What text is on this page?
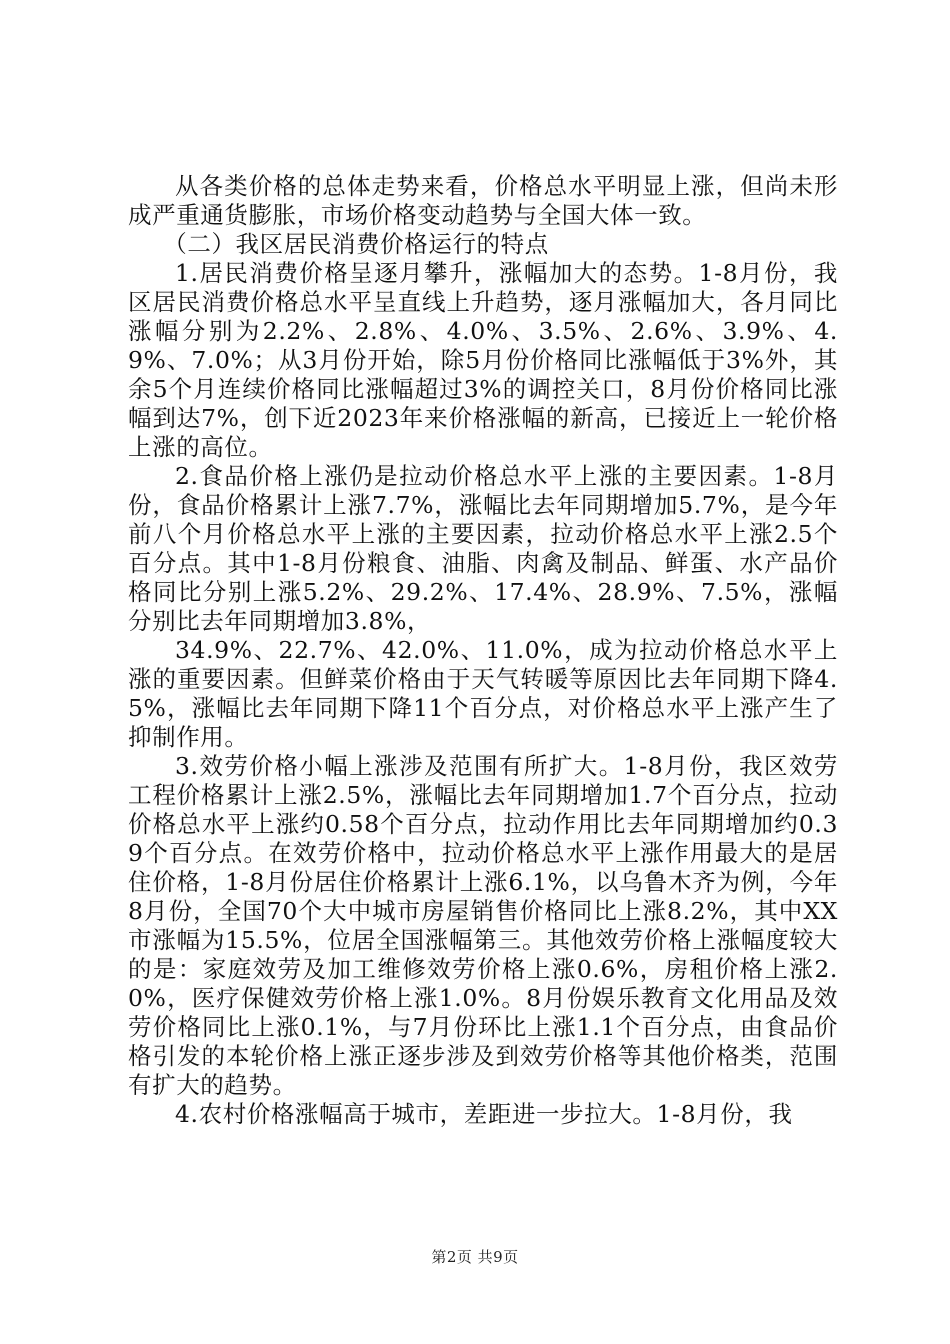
从各类价格的总体走势来看，价格总水平明显上涨，但尚未形成严重通货膨胀，市场价格变动趋势与全国大体一致。

（二）我区居民消费价格运行的特点

1.居民消费价格呈逐月攀升，涨幅加大的态势。1-8月份，我区居民消费价格总水平呈直线上升趋势，逐月涨幅加大，各月同比涨幅分别为2.2%、2.8%、4.0%、3.5%、2.6%、3.9%、4.9%、7.0%；从3月份开始，除5月份价格同比涨幅低于3%外，其余5个月连续价格同比涨幅超过3%的调控关口，8月份价格同比涨幅到达7%，创下近2023年来价格涨幅的新高，已接近上一轮价格上涨的高位。

2.食品价格上涨仍是拉动价格总水平上涨的主要因素。1-8月份，食品价格累计上涨7.7%，涨幅比去年同期增加5.7%，是今年前八个月价格总水平上涨的主要因素，拉动价格总水平上涨2.5个百分点。其中1-8月份粮食、油脂、肉禽及制品、鲜蛋、水产品价格同比分别上涨5.2%、29.2%、17.4%、28.9%、7.5%，涨幅分别比去年同期增加3.8%，

34.9%、22.7%、42.0%、11.0%，成为拉动价格总水平上涨的重要因素。但鲜菜价格由于天气转暖等原因比去年同期下降4.5%，涨幅比去年同期下降11个百分点，对价格总水平上涨产生了抑制作用。

3.效劳价格小幅上涨涉及范围有所扩大。1-8月份，我区效劳工程价格累计上涨2.5%，涨幅比去年同期增加1.7个百分点，拉动价格总水平上涨约0.58个百分点，拉动作用比去年同期增加约0.39个百分点。在效劳价格中，拉动价格总水平上涨作用最大的是居住价格，1-8月份居住价格累计上涨6.1%，以乌鲁木齐为例，今年8月份，全国70个大中城市房屋销售价格同比上涨8.2%，其中XX市涨幅为15.5%，位居全国涨幅第三。其他效劳价格上涨幅度较大的是：家庭效劳及加工维修效劳价格上涨0.6%，房租价格上涨2.0%，医疗保健效劳价格上涨1.0%。8月份娱乐教育文化用品及效劳价格同比上涨0.1%，与7月份环比上涨1.1个百分点，由食品价格引发的本轮价格上涨正逐步涉及到效劳价格等其他价格类，范围有扩大的趋势。

4.农村价格涨幅高于城市，差距进一步拉大。1-8月份，我

第2页 共9页
